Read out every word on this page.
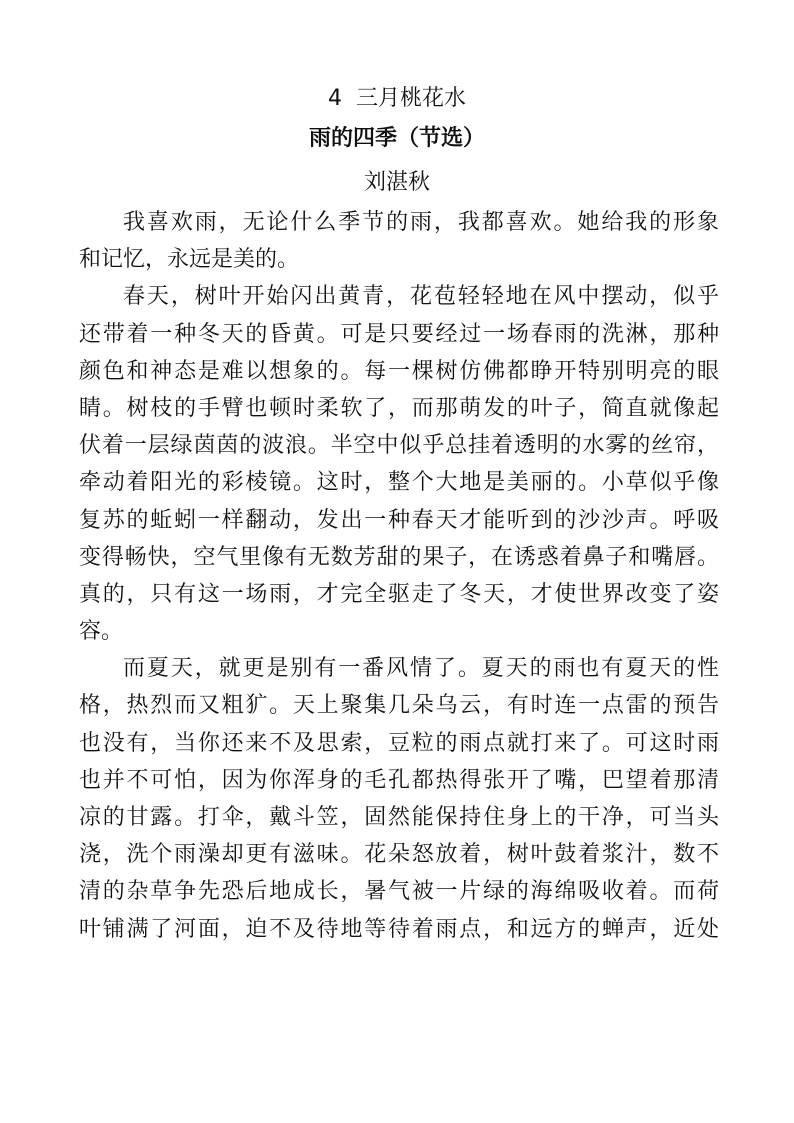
4  三月桃花水
雨的四季（节选）
刘湛秋
我喜欢雨，无论什么季节的雨，我都喜欢。她给我的形象
和记忆，永远是美的。
春天，树叶开始闪出黄青，花苞轻轻地在风中摆动，似乎
还带着一种冬天的昏黄。可是只要经过一场春雨的洗淋，那种
颜色和神态是难以想象的。每一棵树仿佛都睁开特别明亮的眼
睛。树枝的手臂也顿时柔软了，而那萌发的叶子，简直就像起
伏着一层绿茵茵的波浪。半空中似乎总挂着透明的水雾的丝帘，
牵动着阳光的彩棱镜。这时，整个大地是美丽的。小草似乎像
复苏的蚯蚓一样翻动，发出一种春天才能听到的沙沙声。呼吸
变得畅快，空气里像有无数芳甜的果子，在诱惑着鼻子和嘴唇。
真的，只有这一场雨，才完全驱走了冬天，才使世界改变了姿
容。
而夏天，就更是别有一番风情了。夏天的雨也有夏天的性
格，热烈而又粗犷。天上聚集几朵乌云，有时连一点雷的预告
也没有，当你还来不及思索，豆粒的雨点就打来了。可这时雨
也并不可怕，因为你浑身的毛孔都热得张开了嘴，巴望着那清
凉的甘露。打伞，戴斗笠，固然能保持住身上的干净，可当头
浇，洗个雨澡却更有滋味。花朵怒放着，树叶鼓着浆汁，数不
清的杂草争先恐后地成长，暑气被一片绿的海绵吸收着。而荷
叶铺满了河面，迫不及待地等待着雨点，和远方的蝉声，近处
